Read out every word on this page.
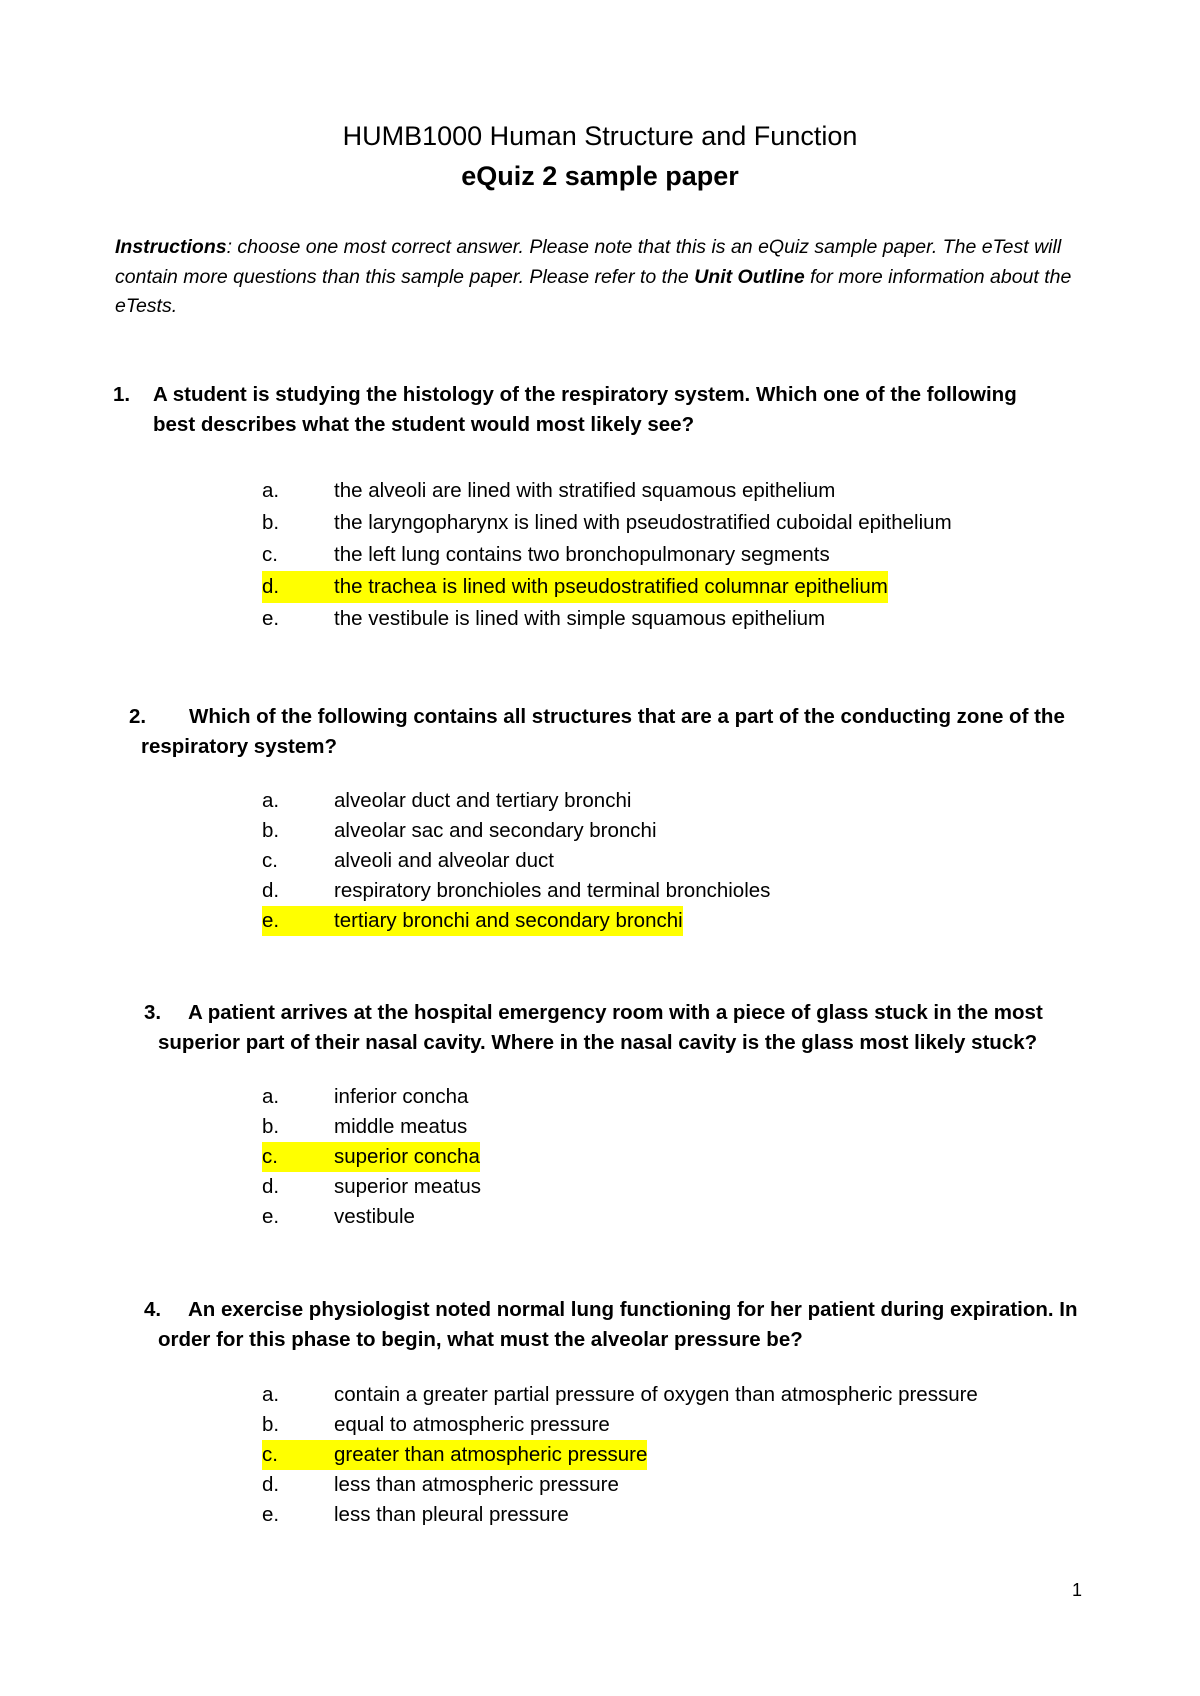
HUMB1000 Human Structure and Function
eQuiz 2 sample paper
Instructions: choose one most correct answer. Please note that this is an eQuiz sample paper. The eTest will contain more questions than this sample paper. Please refer to the Unit Outline for more information about the eTests.
1.	A student is studying the histology of the respiratory system. Which one of the following best describes what the student would most likely see?
a.	the alveoli are lined with stratified squamous epithelium
b.	the laryngopharynx is lined with pseudostratified cuboidal epithelium
c.	the left lung contains two bronchopulmonary segments
d.	the trachea is lined with pseudostratified columnar epithelium
e.	the vestibule is lined with simple squamous epithelium
2.	Which of the following contains all structures that are a part of the conducting zone of the respiratory system?
a.	alveolar duct and tertiary bronchi
b.	alveolar sac and secondary bronchi
c.	alveoli and alveolar duct
d.	respiratory bronchioles and terminal bronchioles
e.	tertiary bronchi and secondary bronchi
3.	A patient arrives at the hospital emergency room with a piece of glass stuck in the most superior part of their nasal cavity. Where in the nasal cavity is the glass most likely stuck?
a.	inferior concha
b.	middle meatus
c.	superior concha
d.	superior meatus
e.	vestibule
4.	An exercise physiologist noted normal lung functioning for her patient during expiration. In order for this phase to begin, what must the alveolar pressure be?
a.	contain a greater partial pressure of oxygen than atmospheric pressure
b.	equal to atmospheric pressure
c.	greater than atmospheric pressure
d.	less than atmospheric pressure
e.	less than pleural pressure
1
